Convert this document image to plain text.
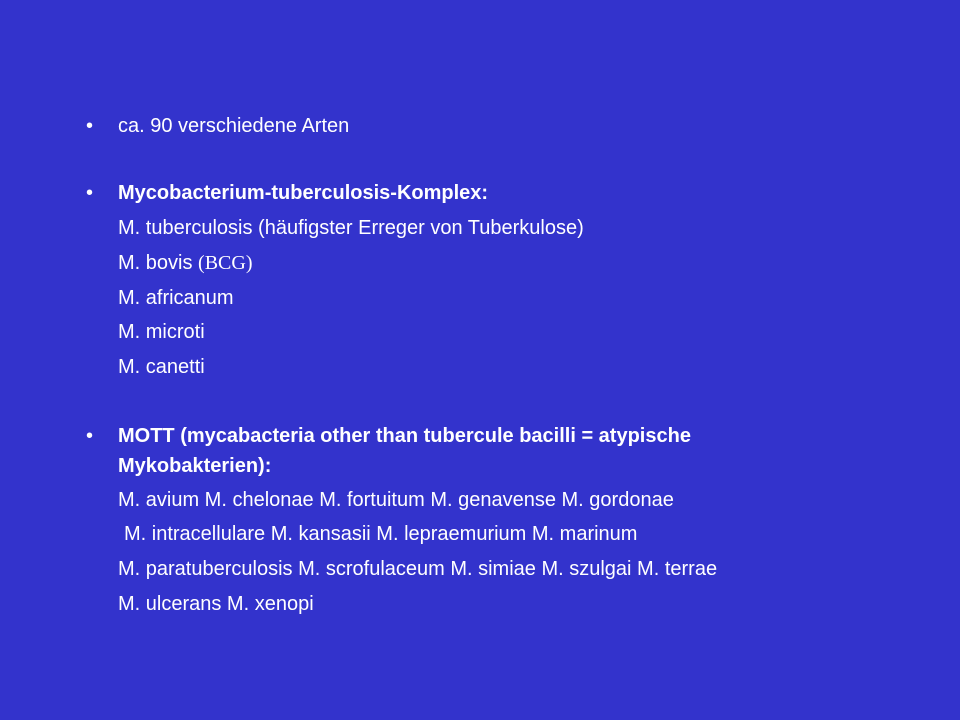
• ca. 90 verschiedene Arten
• Mycobacterium-tuberculosis-Komplex:
M. tuberculosis (häufigster Erreger von Tuberkulose)
M. bovis (BCG)
M. africanum
M. microti
M. canetti
• MOTT (mycabacteria other than tubercule bacilli = atypische
Mykobakterien):
M. avium M. chelonae M. fortuitum M. genavense M. gordonae
M. intracellulare M. kansasii M. lepraemurium M. marinum
M. paratuberculosis M. scrofulaceum M. simiae M. szulgai M. terrae
M. ulcerans M. xenopi
